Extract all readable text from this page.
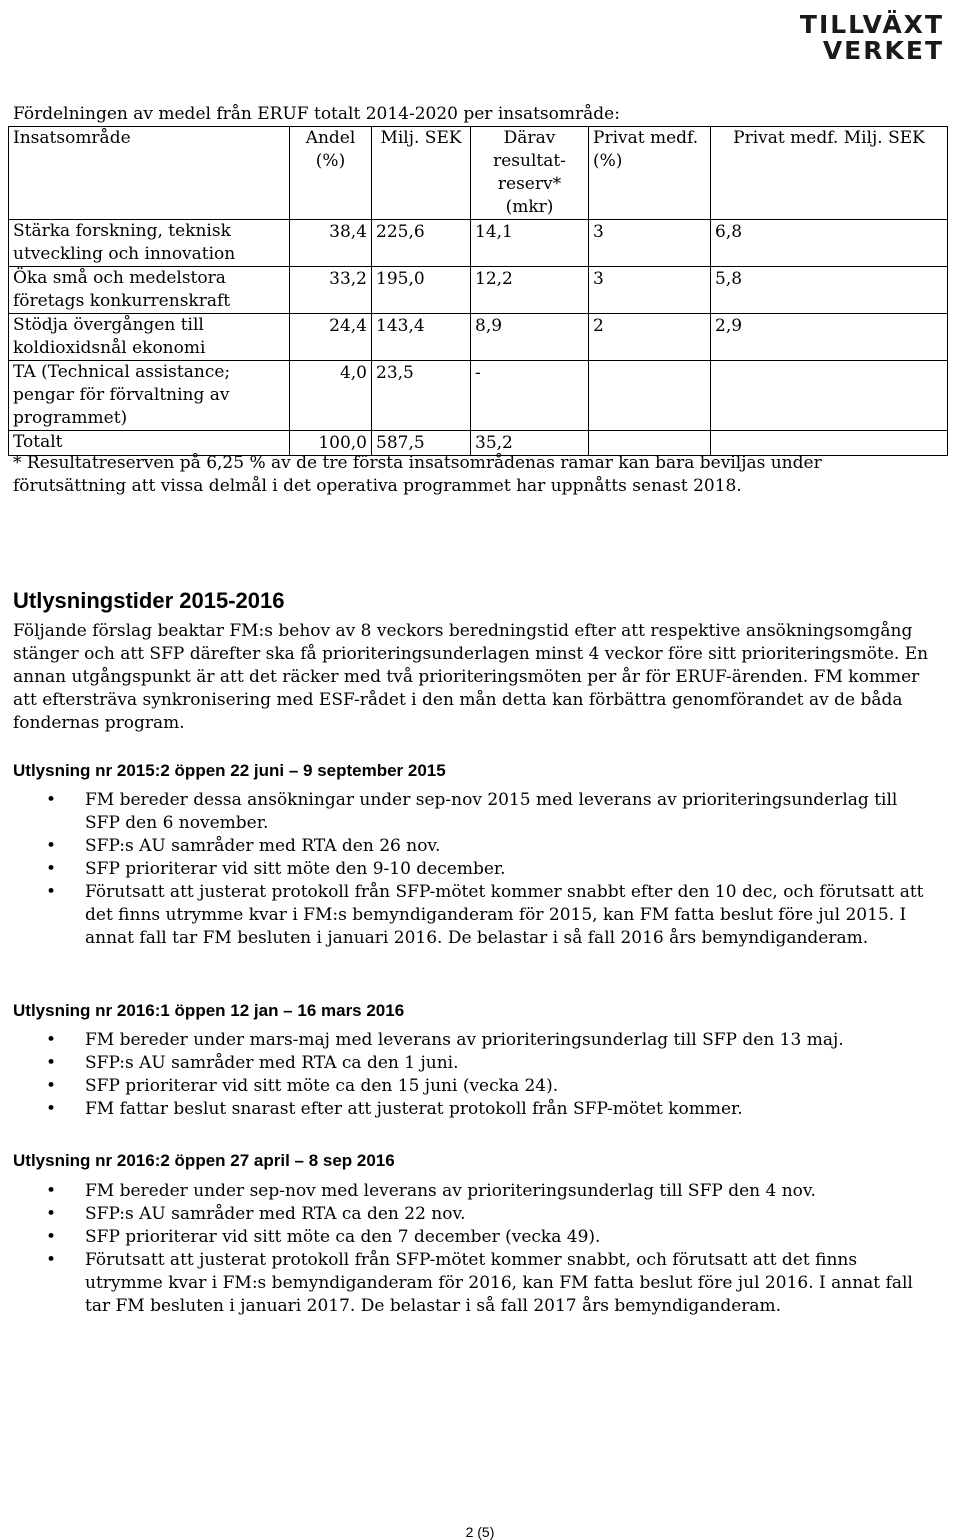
TILLVÄXT
VERKET
Fördelningen av medel från ERUF totalt 2014-2020 per insatsområde:
Insatsområde	Andel (%)	Milj. SEK	Därav resultat-reserv* (mkr)	Privat medf.(%)	Privat medf. Milj. SEK
Stärka forskning, teknisk utveckling och innovation	38,4	225,6	14,1	3	6,8
Öka små och medelstora företags konkurrenskraft	33,2	195,0	12,2	3	5,8
Stödja övergången till koldioxidsnål ekonomi	24,4	143,4	8,9	2	2,9
TA (Technical assistance; pengar för förvaltning av programmet)	4,0	23,5	-		
Totalt	100,0	587,5	35,2		
* Resultatreserven på 6,25 % av de tre första insatsområdenas ramar kan bara beviljas under förutsättning att vissa delmål i det operativa programmet har uppnåtts senast 2018.
Utlysningstider 2015-2016

Följande förslag beaktar FM:s behov av 8 veckors beredningstid efter att respektive ansökningsomgång stänger och att SFP därefter ska få prioriteringsunderlagen minst 4 veckor före sitt prioriteringsmöte. En annan utgångspunkt är att det räcker med två prioriteringsmöten per år för ERUF-ärenden. FM kommer att eftersträva synkronisering med ESF-rådet i den mån detta kan förbättra genomförandet av de båda fondernas program.

Utlysning nr 2015:2 öppen 22 juni – 9 september 2015
• FM bereder dessa ansökningar under sep-nov 2015 med leverans av prioriteringsunderlag till SFP den 6 november.
• SFP:s AU samråder med RTA den 26 nov.
• SFP prioriterar vid sitt möte den 9-10 december.
• Förutsatt att justerat protokoll från SFP-mötet kommer snabbt efter den 10 dec, och förutsatt att det finns utrymme kvar i FM:s bemyndiganderam för 2015, kan FM fatta beslut före jul 2015. I annat fall tar FM besluten i januari 2016. De belastar i så fall 2016 års bemyndiganderam.
Utlysning nr 2016:1 öppen 12 jan – 16 mars 2016
• FM bereder under mars-maj med leverans av prioriteringsunderlag till SFP den 13 maj.
• SFP:s AU samråder med RTA ca den 1 juni.
• SFP prioriterar vid sitt möte ca den 15 juni (vecka 24).
• FM fattar beslut snarast efter att justerat protokoll från SFP-mötet kommer.
Utlysning nr 2016:2 öppen 27 april – 8 sep 2016
• FM bereder under sep-nov med leverans av prioriteringsunderlag till SFP den 4 nov.
• SFP:s AU samråder med RTA ca den 22 nov.
• SFP prioriterar vid sitt möte ca den 7 december (vecka 49).
• Förutsatt att justerat protokoll från SFP-mötet kommer snabbt, och förutsatt att det finns utrymme kvar i FM:s bemyndiganderam för 2016, kan FM fatta beslut före jul 2016. I annat fall tar FM besluten i januari 2017. De belastar i så fall 2017 års bemyndiganderam.
2 (5)
